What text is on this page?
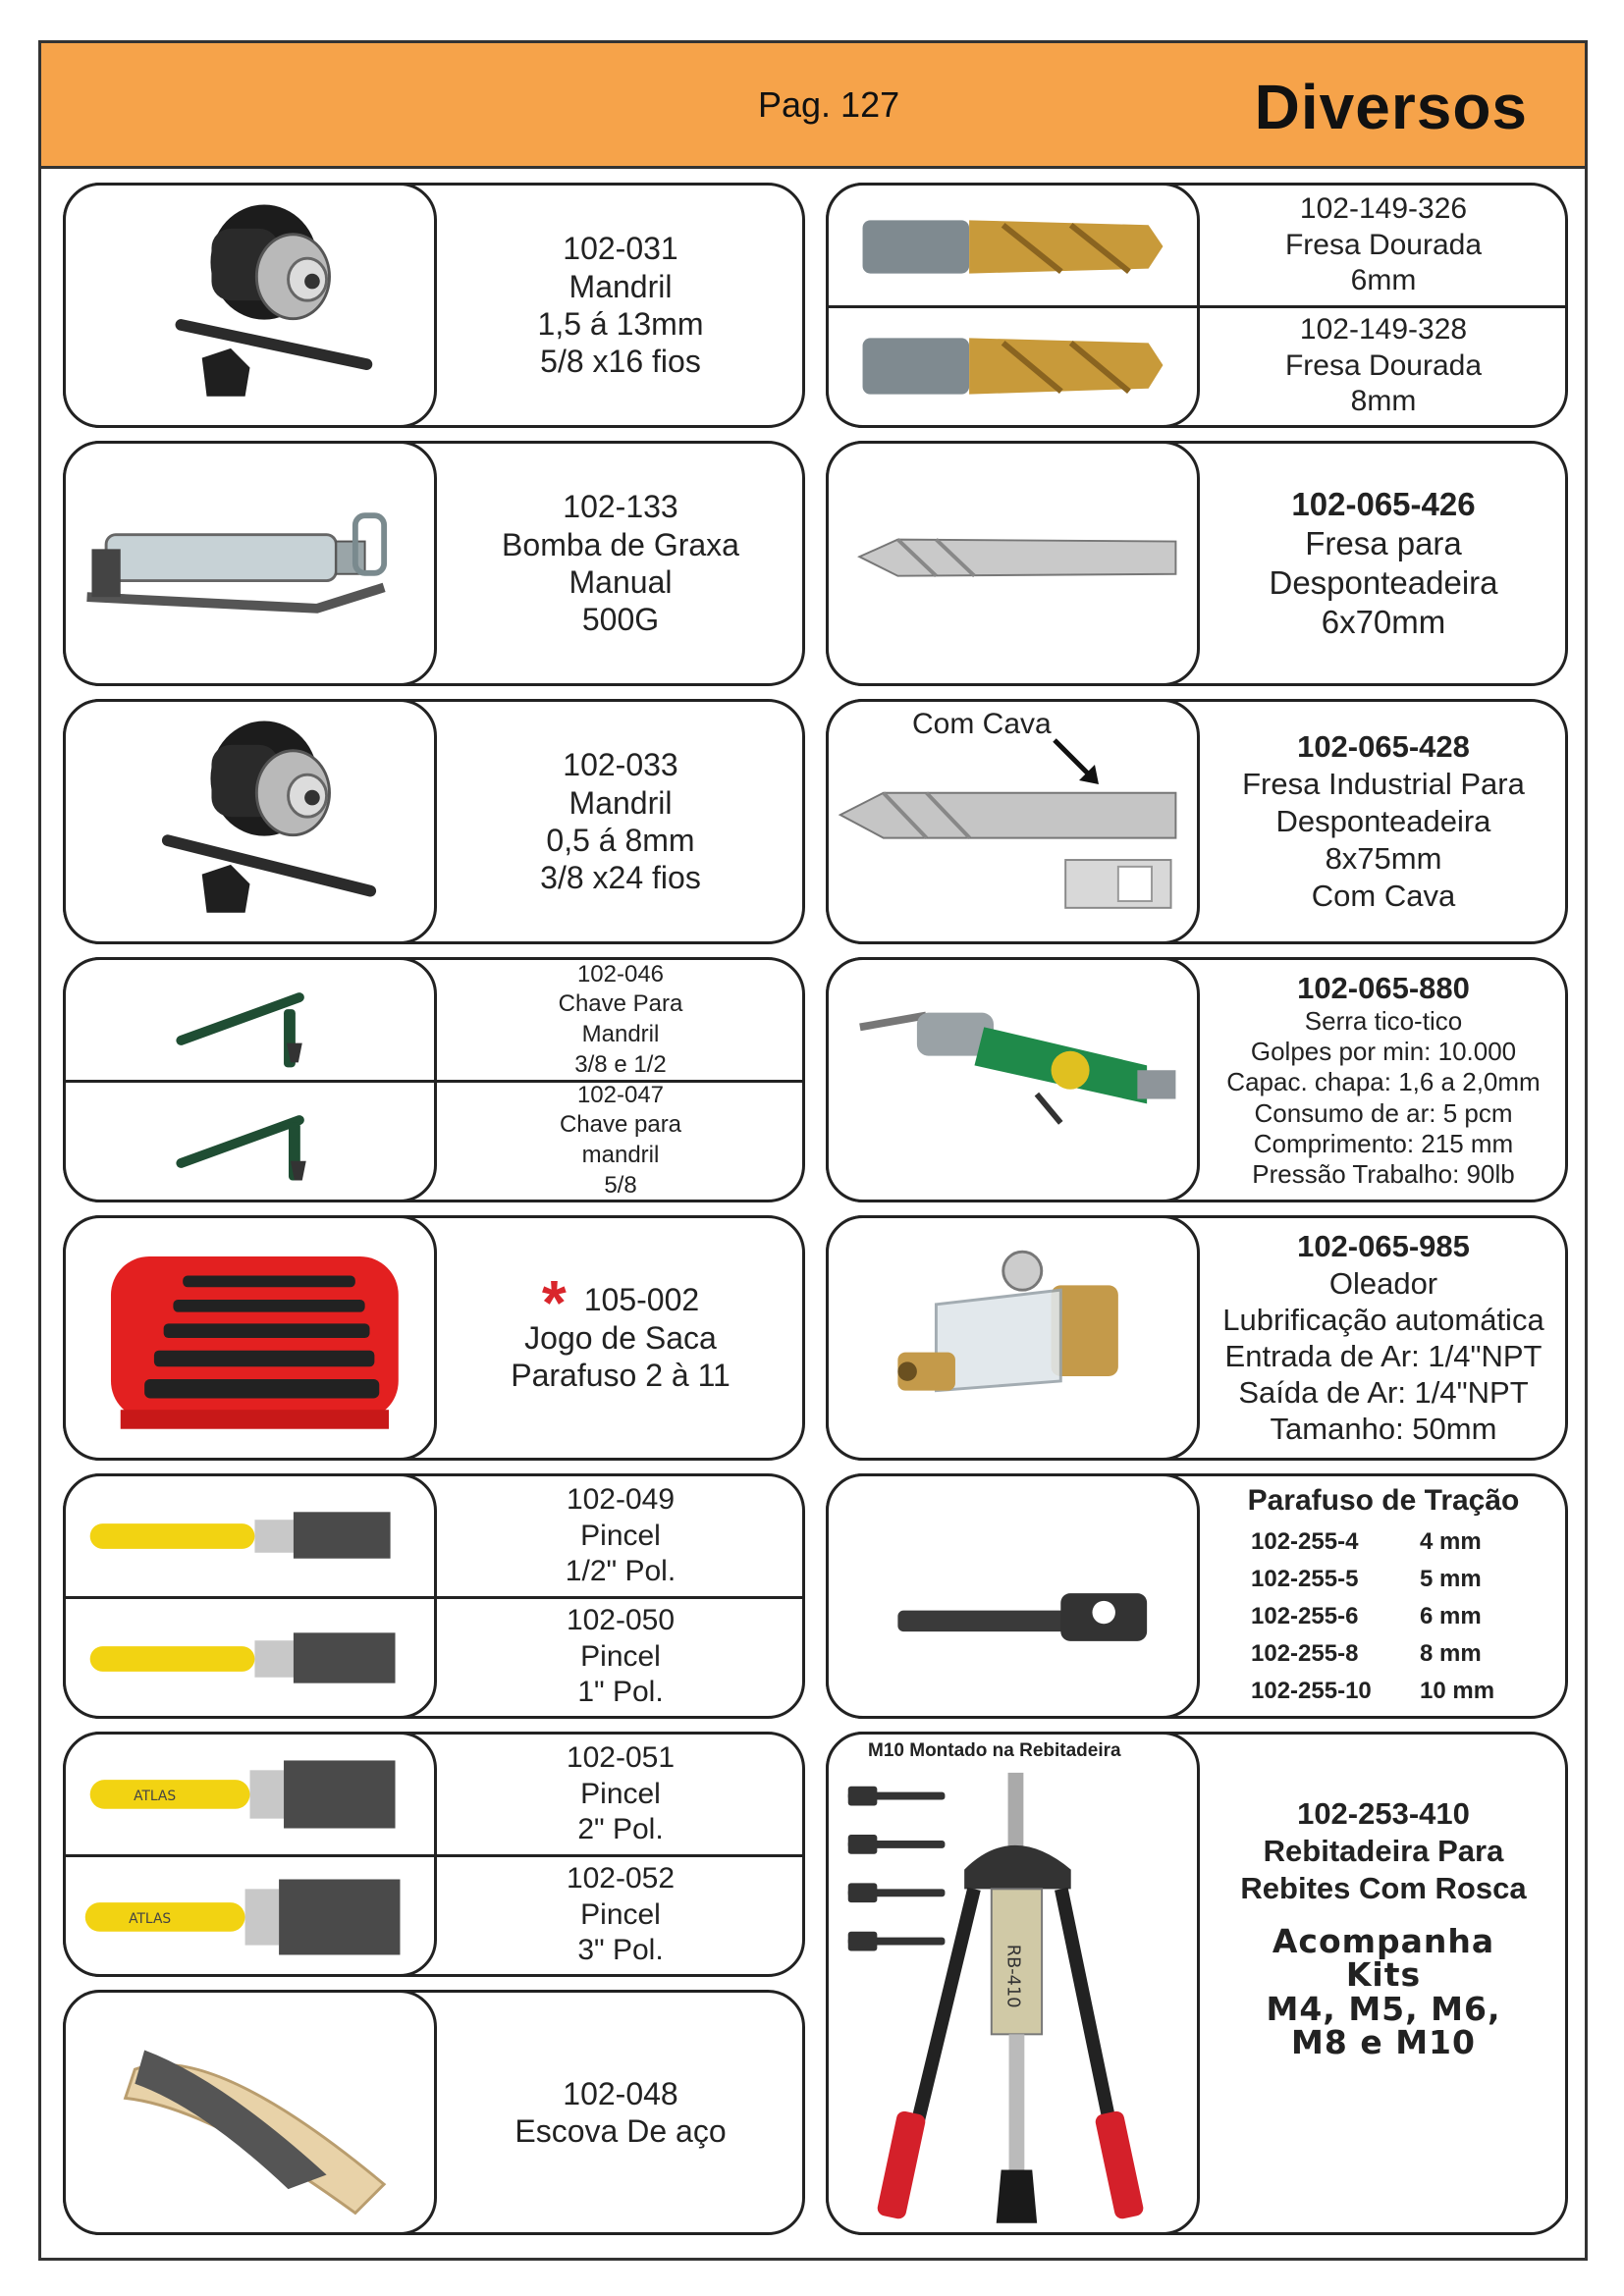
Pag. 127	Diversos
102-031
Mandril
1,5 á 13mm
5/8 x16 fios
102-133
Bomba de Graxa
Manual
500G
102-033
Mandril
0,5 á 8mm
3/8 x24 fios
102-046
Chave Para
Mandril
3/8 e 1/2
102-047
Chave para
mandril
5/8
* 105-002
Jogo de Saca
Parafuso 2 à 11
102-049
Pincel
1/2" Pol.
102-050
Pincel
1" Pol.
ATLAS
ATLAS
102-051
Pincel
2" Pol.
102-052
Pincel
3" Pol.
102-048
Escova De aço
102-149-326
Fresa Dourada
6mm
102-149-328
Fresa Dourada
8mm
102-065-426
Fresa para
Desponteadeira
6x70mm
Com Cava
102-065-428
Fresa Industrial Para
Desponteadeira
8x75mm
Com Cava
102-065-880
Serra tico-tico
Golpes por min: 10.000
Capac. chapa: 1,6 a 2,0mm
Consumo de ar: 5 pcm
Comprimento: 215 mm
Pressão Trabalho: 90lb
102-065-985
Oleador
Lubrificação automática
Entrada de Ar: 1/4"NPT
Saída de Ar: 1/4"NPT
Tamanho: 50mm
Parafuso de Tração
102-255-4	4 mm
102-255-5	5 mm
102-255-6	6 mm
102-255-8	8 mm
102-255-10	10 mm
M10 Montado na Rebitadeira
RB-410
102-253-410
Rebitadeira Para
Rebites Com Rosca
Acompanha
Kits
M4, M5, M6,
M8 e M10
